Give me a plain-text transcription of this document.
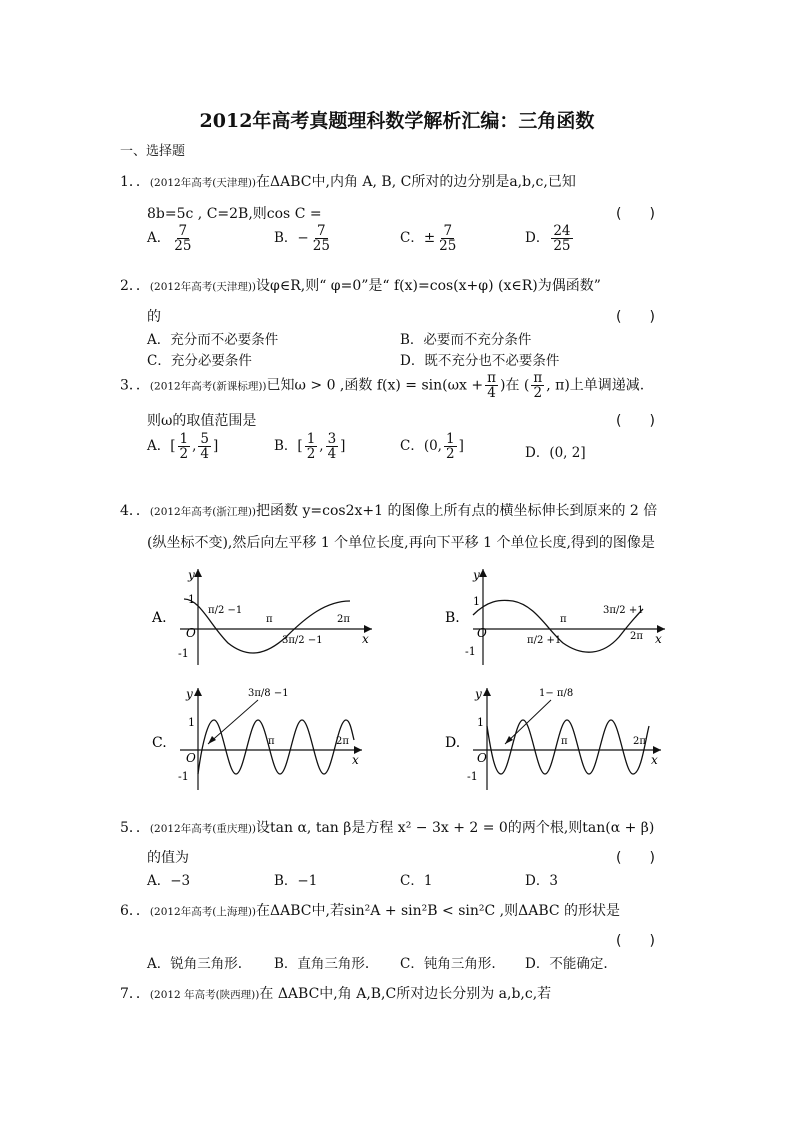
2012年高考真题理科数学解析汇编：三角函数
一、选择题
1．．(2012年高考(天津理))在ΔABC中,内角 A, B, C所对的边分别是a,b,c,已知
8b=5c , C=2B,则cos C =	(　　)
A． $\frac{7}{25}$	B．− $\frac{7}{25}$	C．± $\frac{7}{25}$	D． $\frac{24}{25}$
2．．(2012年高考(天津理))设φ∈R,则“ φ=0”是“ f(x)=cos(x+φ) (x∈R)为偶函数”
的	(　　)
A．充分而不必要条件	B．必要而不充分条件
C．充分必要条件	D．既不充分也不必要条件
3．．(2012年高考(新课标理))已知ω > 0 ,函数 $f(x) = \sin(\omega x + \frac{\pi}{4}$ )在 ( $\frac{\pi}{2}$ , π)上单调递减.
则ω的取值范围是	(　　)
A．[ $\frac{1}{2}$ , $\frac{5}{4}$ ]	B．[ $\frac{1}{2}$ , $\frac{3}{4}$ ]	C．(0, $\frac{1}{2}$ ]	D．(0, 2]
4．．(2012年高考(浙江理))把函数 y=cos2x+1 的图像上所有点的横坐标伸长到原来的 2 倍
(纵坐标不变),然后向左平移 1 个单位长度,再向下平移 1 个单位长度,得到的图像是
A.
y
x
O
1
-1
π	2π
π/2 −1
3π/2 −1
B.
y
x
O
1
-1
π
2π
π/2 +1
3π/2 +1
C.
y
x
O
1
-1
π	2π
3π/8 −1
D.
y
x
O
1
-1
π	2π
1− π/8
5．．(2012年高考(重庆理))设tan α, tan β是方程 x² − 3x + 2 = 0的两个根,则tan(α + β)
的值为	(　　)
A．−3	B．−1	C．1	D．3
6．．(2012年高考(上海理))在ΔABC中,若sin²A + sin²B < sin²C ,则ΔABC 的形状是
(　　)
A．锐角三角形. B．直角三角形. C．钝角三角形. D．不能确定.
7．．(2012 年高考(陕西理))在 ΔABC中,角 A,B,C所对边长分别为 a,b,c,若
